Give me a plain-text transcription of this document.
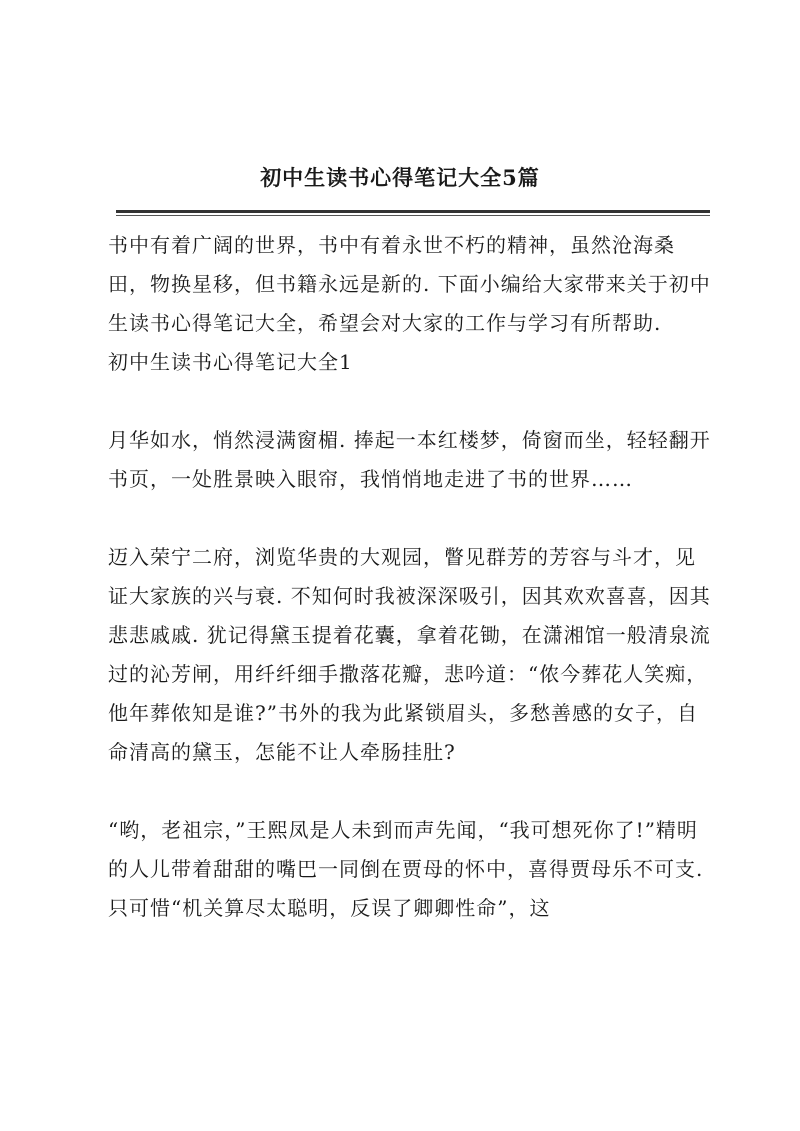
初中生读书心得笔记大全5篇

书中有着广阔的世界，书中有着永世不朽的精神，虽然沧海桑田，物换星移，但书籍永远是新的. 下面小编给大家带来关于初中生读书心得笔记大全，希望会对大家的工作与学习有所帮助.

初中生读书心得笔记大全1

月华如水，悄然浸满窗楣. 捧起一本红楼梦，倚窗而坐，轻轻翻开书页，一处胜景映入眼帘，我悄悄地走进了书的世界……

迈入荣宁二府，浏览华贵的大观园，瞥见群芳的芳容与斗才，见证大家族的兴与衰. 不知何时我被深深吸引，因其欢欢喜喜，因其悲悲戚戚. 犹记得黛玉提着花囊，拿着花锄，在潇湘馆一般清泉流过的沁芳闸，用纤纤细手撒落花瓣，悲吟道：“侬今葬花人笑痴，他年葬侬知是谁?”书外的我为此紧锁眉头，多愁善感的女子，自命清高的黛玉，怎能不让人牵肠挂肚?

“哟，老祖宗，”王熙凤是人未到而声先闻，“我可想死你了!”精明的人儿带着甜甜的嘴巴一同倒在贾母的怀中，喜得贾母乐不可支. 只可惜“机关算尽太聪明，反误了卿卿性命”，这
